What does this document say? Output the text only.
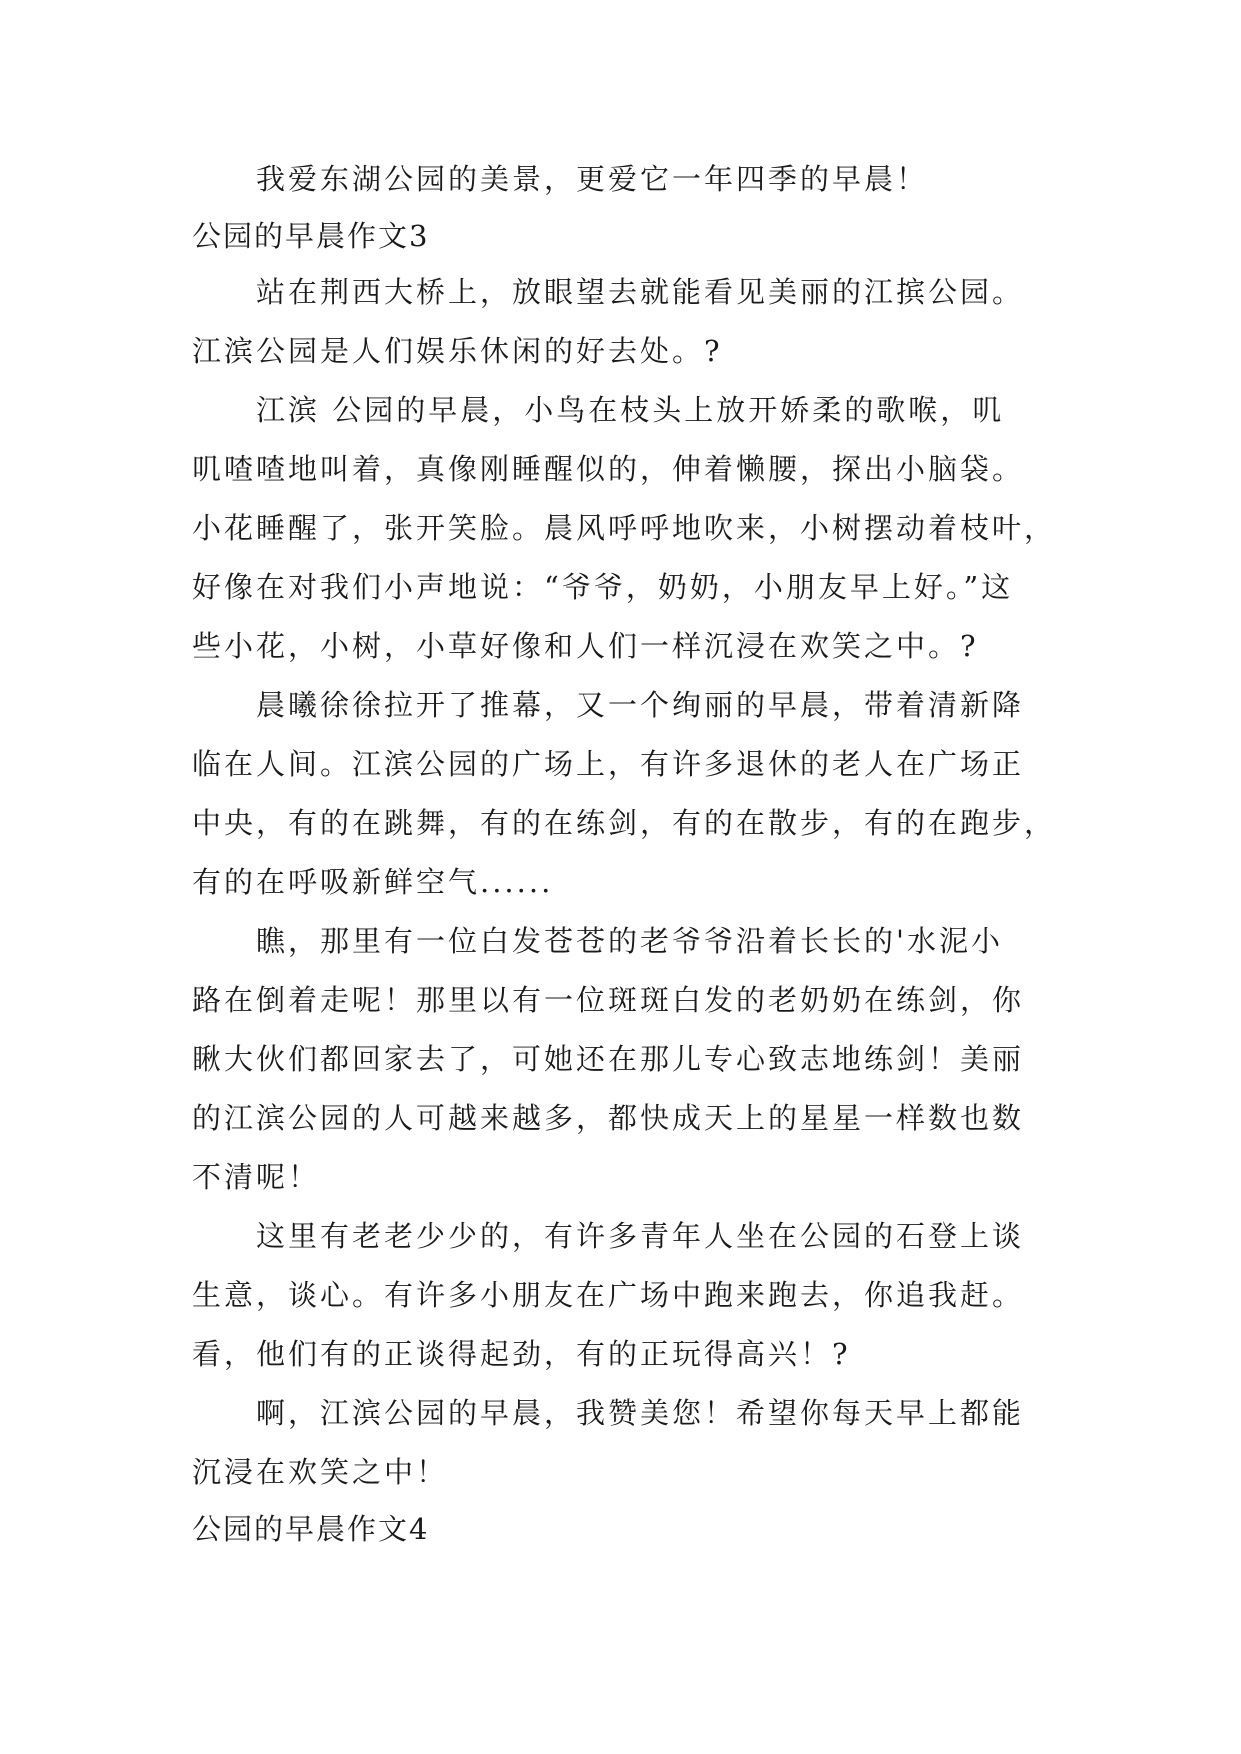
我爱东湖公园的美景，更爱它一年四季的早晨！
公园的早晨作文3
站在荆西大桥上，放眼望去就能看见美丽的江摈公园。
江滨公园是人们娱乐休闲的好去处。?
江滨 公园的早晨，小鸟在枝头上放开娇柔的歌喉，叽
叽喳喳地叫着，真像刚睡醒似的，伸着懒腰，探出小脑袋。
小花睡醒了，张开笑脸。晨风呼呼地吹来，小树摆动着枝叶，
好像在对我们小声地说：“爷爷，奶奶，小朋友早上好。”这
些小花，小树，小草好像和人们一样沉浸在欢笑之中。?
晨曦徐徐拉开了推幕，又一个绚丽的早晨，带着清新降
临在人间。江滨公园的广场上，有许多退休的老人在广场正
中央，有的在跳舞，有的在练剑，有的在散步，有的在跑步，
有的在呼吸新鲜空气......
瞧，那里有一位白发苍苍的老爷爷沿着长长的'水泥小
路在倒着走呢！那里以有一位斑斑白发的老奶奶在练剑，你
瞅大伙们都回家去了，可她还在那儿专心致志地练剑！美丽
的江滨公园的人可越来越多，都快成天上的星星一样数也数
不清呢！
这里有老老少少的，有许多青年人坐在公园的石登上谈
生意，谈心。有许多小朋友在广场中跑来跑去，你追我赶。
看，他们有的正谈得起劲，有的正玩得高兴！?
啊，江滨公园的早晨，我赞美您！希望你每天早上都能
沉浸在欢笑之中！
公园的早晨作文4
